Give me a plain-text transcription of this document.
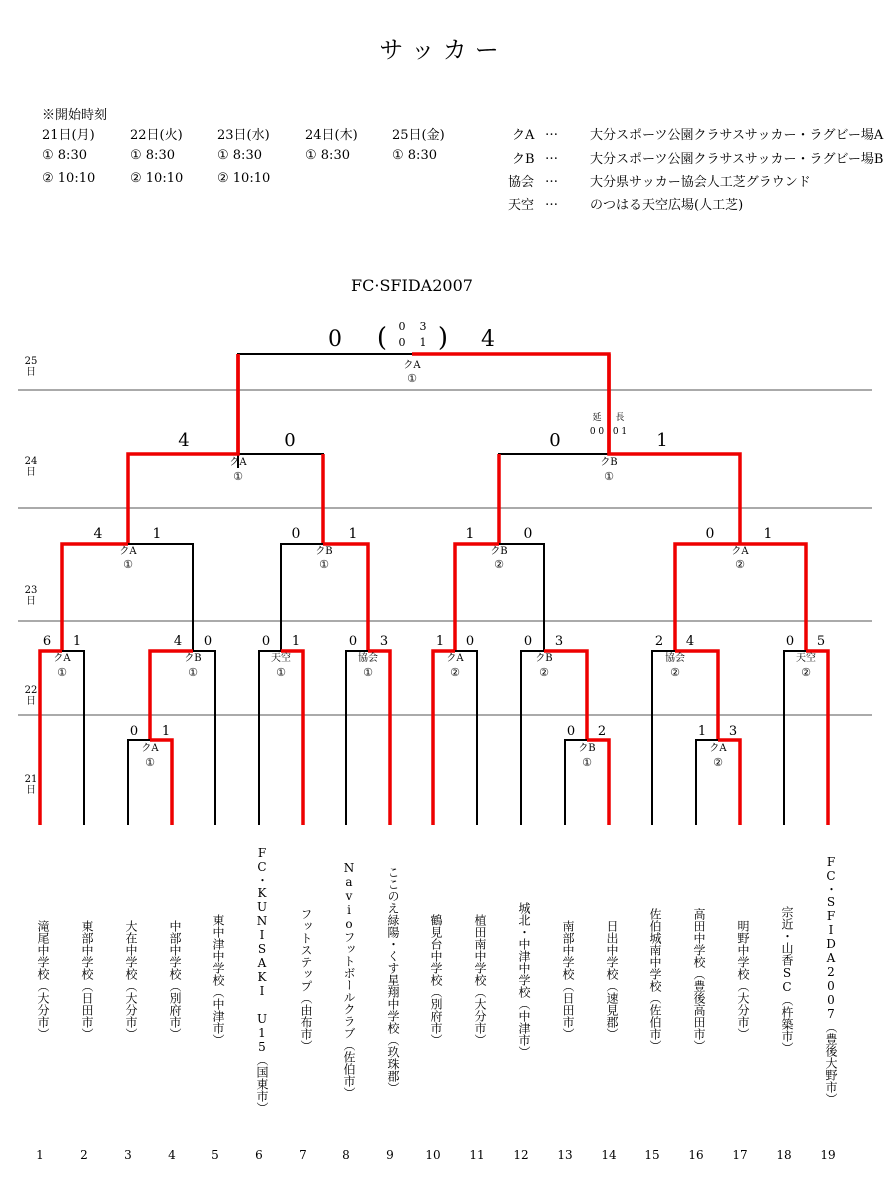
サッカー
※開始時刻
21日(月)
① 8:30
② 10:10
22日(火)
① 8:30
② 10:10
23日(水)
① 8:30
② 10:10
24日(木)
① 8:30
25日(金)
① 8:30
クA … 大分スポーツ公園クラサスサッカー・ラグビー場A
クB … 大分スポーツ公園クラサスサッカー・ラグビー場B
協会 … 大分県サッカー協会人工芝グラウンド
天空 … のつはる天空広場(人工芝)
FC·SFIDA2007
0 ( 0
0
3
1 ) 4
クA
①
4	0
クA
①
0	1
クB
①
延 長
0 0 0 1
4	1
クA
①
0	1
クB
①
1	0
クB
②
0	1
クA
②
6 1
クA
①
4 0
クB
①
0 1
天空
①
0 3
協会
①
1 0
クA
②
0 3
クB
②
2 4
協会
②
0 5
天空
②
0 1
クA
①
0 2
クB
①
1 3
クA
②
25日
24日
23日
22日
21日
滝尾中学校（大分市）	東部中学校（日田市）	大在中学校（大分市）	中部中学校（別府市）	東中津中学校（中津市）	FC・KUNISAKI U15（国東市）	フットステップ（由布市）	Navioフットボールクラブ（佐伯市）	ここのえ緑陽・くす星翔中学校（玖珠郡）	鶴見台中学校（別府市）	植田南中学校（大分市）	城北・中津中学校（中津市）	南部中学校（日田市）	日出中学校（速見郡）	佐伯城南中学校（佐伯市）	高田中学校（豊後高田市）	明野中学校（大分市）	宗近・山香SC（杵築市）	FC・SFIDA2007（豊後大野市）
1	2	3	4	5	6	7	8	9	10 11 12 13 14 15 16 17 18 19
